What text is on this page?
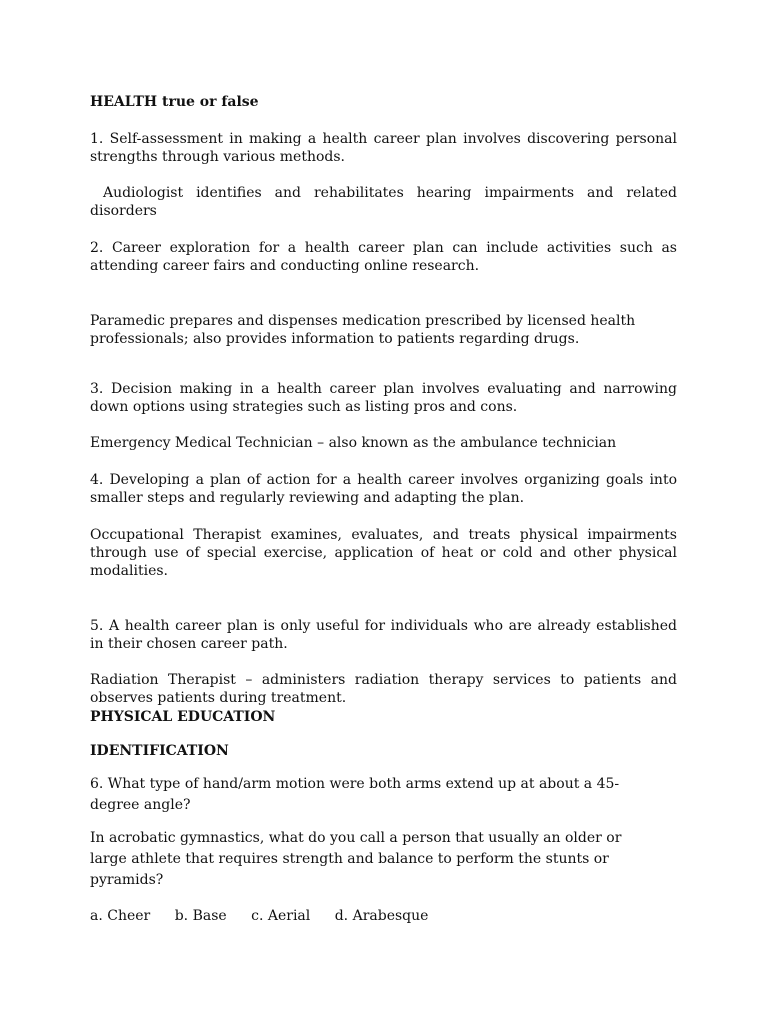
HEALTH true or false

1. Self-assessment in making a health career plan involves discovering personal strengths through various methods.

Audiologist identifies and rehabilitates hearing impairments and related disorders

2. Career exploration for a health career plan can include activities such as attending career fairs and conducting online research.

Paramedic prepares and dispenses medication prescribed by licensed health professionals; also provides information to patients regarding drugs.

3. Decision making in a health career plan involves evaluating and narrowing down options using strategies such as listing pros and cons.

Emergency Medical Technician – also known as the ambulance technician

4. Developing a plan of action for a health career involves organizing goals into smaller steps and regularly reviewing and adapting the plan.

Occupational Therapist examines, evaluates, and treats physical impairments through use of special exercise, application of heat or cold and other physical modalities.

5. A health career plan is only useful for individuals who are already established in their chosen career path.

Radiation Therapist – administers radiation therapy services to patients and observes patients during treatment.

PHYSICAL EDUCATION

IDENTIFICATION

6. What type of hand/arm motion were both arms extend up at about a 45-degree angle?

In acrobatic gymnastics, what do you call a person that usually an older or large athlete that requires strength and balance to perform the stunts or pyramids?

a. Cheer b. Base c. Aerial d. Arabesque
